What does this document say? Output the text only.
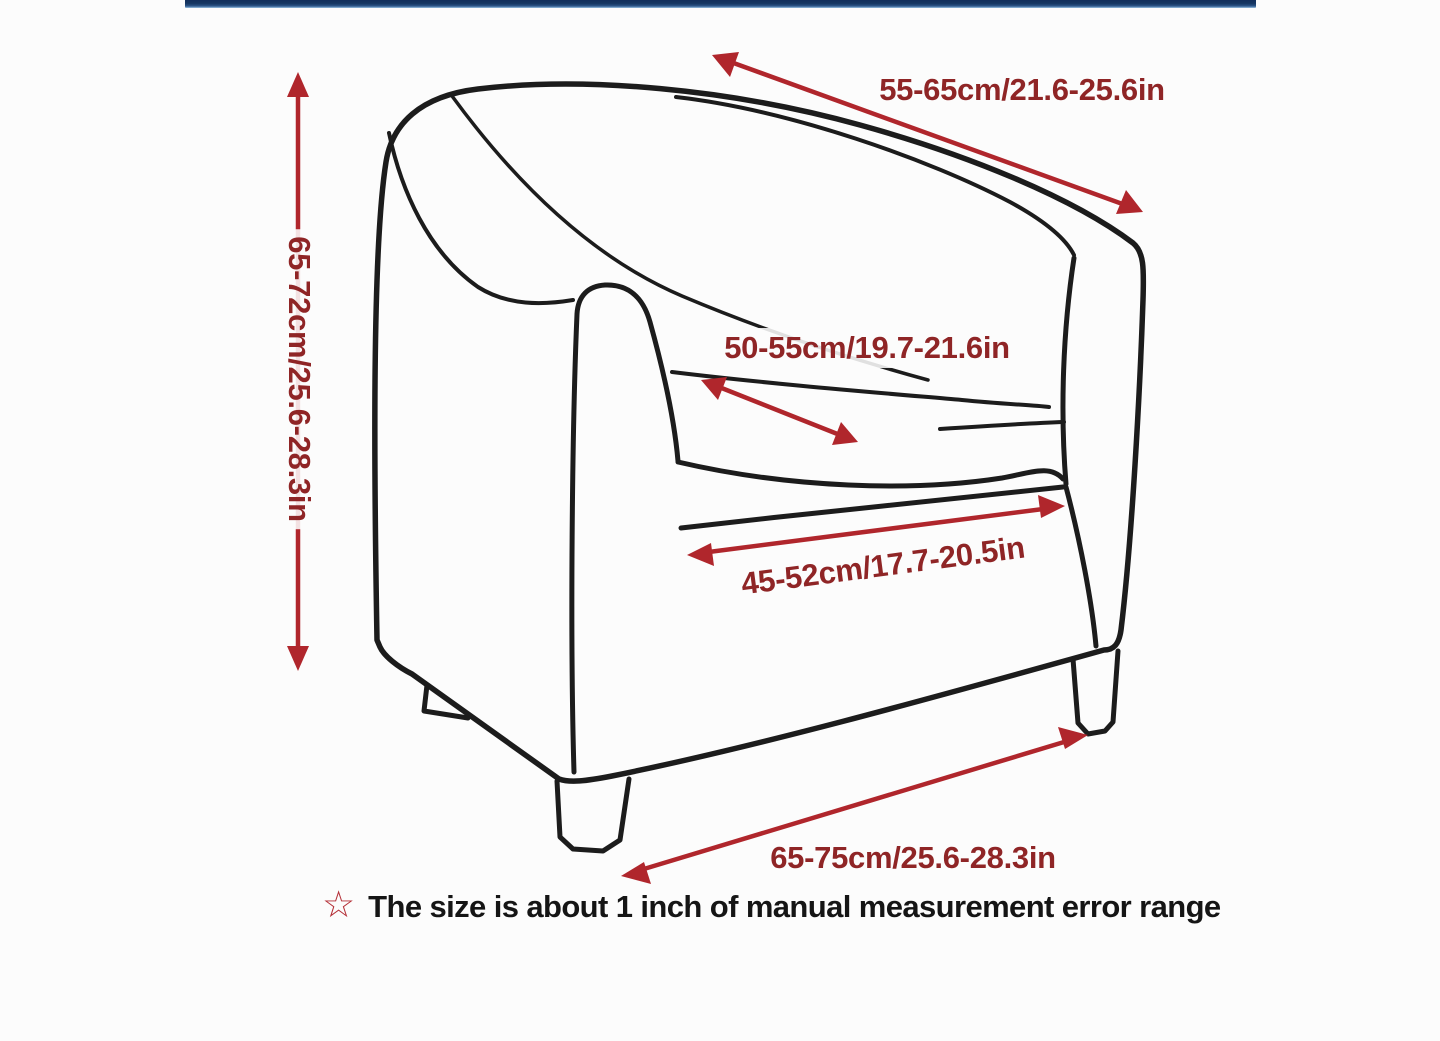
55-65cm/21.6-25.6in
65-72cm/25.6-28.3in	50-55cm/19.7-21.6in
45-52cm/17.7-20.5in
65-75cm/25.6-28.3in
☆ The size is about 1 inch of manual measurement error range
